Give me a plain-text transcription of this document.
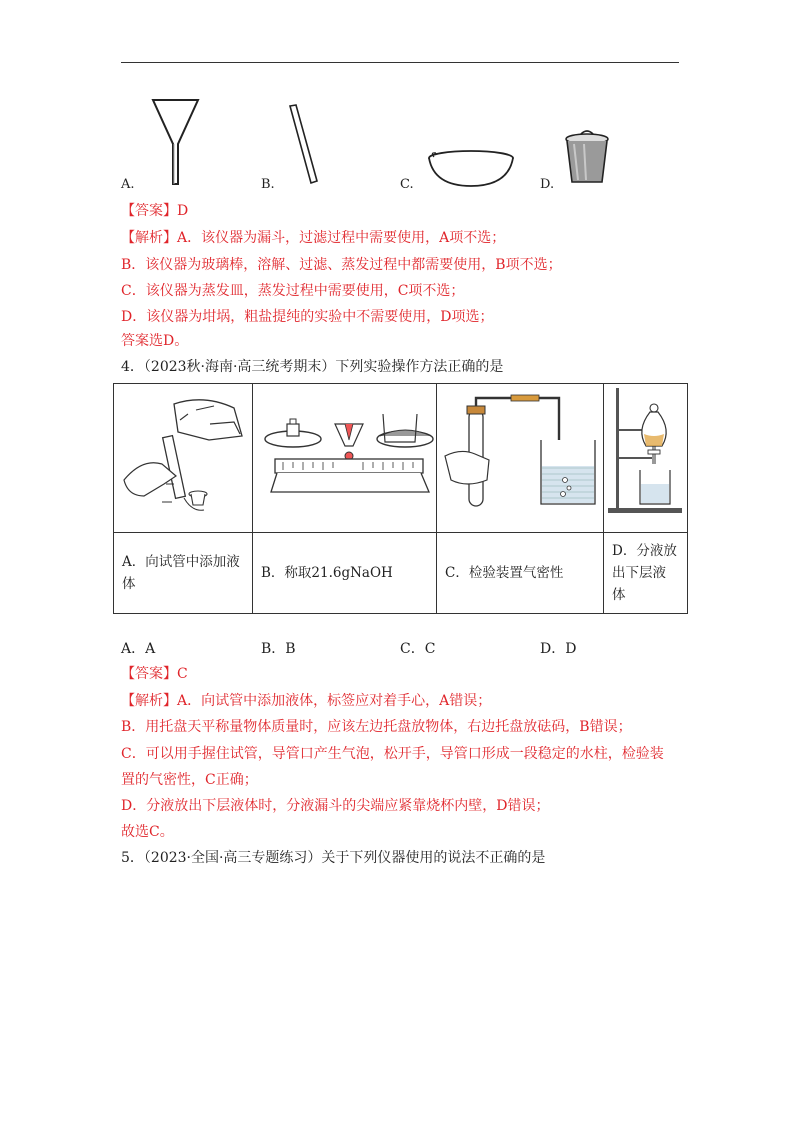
A.	B.	C.	D.
【答案】D
【解析】A．该仪器为漏斗，过滤过程中需要使用，A项不选；
B．该仪器为玻璃棒，溶解、过滤、蒸发过程中都需要使用，B项不选；
C．该仪器为蒸发皿，蒸发过程中需要使用，C项不选；
D．该仪器为坩埚，粗盐提纯的实验中不需要使用，D项选；
答案选D。
4．（2023秋·海南·高三统考期末）下列实验操作方法正确的是

A．向试管中添加液体	B．称取21.6gNaOH	C．检验装置气密性	D．分液放出下层液体
A．A	B．B	C．C	D．D
【答案】C
【解析】A．向试管中添加液体，标签应对着手心，A错误；
B．用托盘天平称量物体质量时，应该左边托盘放物体，右边托盘放砝码，B错误；
C．可以用手握住试管，导管口产生气泡，松开手，导管口形成一段稳定的水柱，检验装
置的气密性，C正确；
D．分液放出下层液体时，分液漏斗的尖端应紧靠烧杯内壁，D错误；
故选C。
5．（2023·全国·高三专题练习）关于下列仪器使用的说法不正确的是
